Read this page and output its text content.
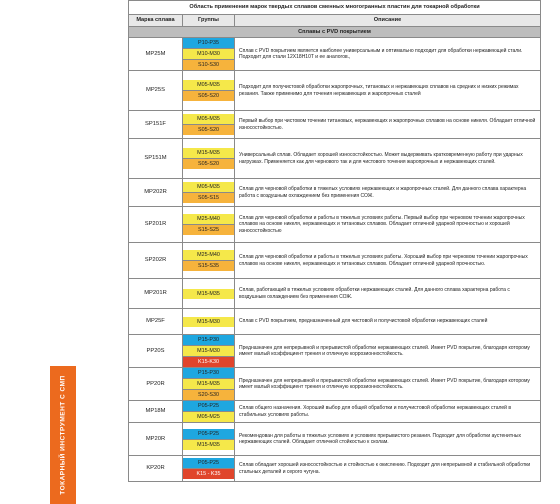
ТОКАРНЫЙ ИНСТРУМЕНТ С СМП
Область применения марок твердых сплавов сменных многогранных пластин для токарной обработки		
Марка сплава	Группы	Описание
Сплавы с PVD покрытием		
MP25M	P10-P35
M10-M30
S10-S30	Сплав с PVD покрытием является наиболее универсальным и оптимально подходит для обработки нержавеющей стали. Подходит для стали 12Х18Н10Т и ее аналогов.,
MP25S	M05-M35
S05-S20	Подходит для получистовой обработки жаропрочных, титановых и нержавеющих сплавов на средних и низких режимах резания. Также применимо для точения нержавеющих и жаропрочных сталей
SP151F	M05-M35
S05-S20	Первый выбор при чистовом точении титановых, нержавеющих и жаропрочных сплавов на основе никеля. Обладает отличной износостойкостью.
SP151M	M15-M35
S05-S20	Универсальный сплав. Обладает хорошей износостойкостью. Может выдерживать кратковременную работу при ударных нагрузках. Применяется как для чернового так и для чистового точения жаропрочных и нержавеющих сталей.
MP202R	M05-M35
S05-S15	Сплав для черновой обработки в тяжелых условиях нержавеющих и жаропрочных сталей. Для данного сплава характерна работа с воздушным охлаждением без применения СОЖ.
SP201R	M25-M40
S15-S25	Сплав для черновой обработки и работы в тяжелых условиях работы. Первый выбор при черновом точении жаропрочных сплавов на основе никеля, нержавеющих и титановых сплавов. Обладает отличной ударной прочностью и хорошей износостойкостью
SP202R	M25-M40
S15-S35	Сплав для черновой обработки и работы в тяжелых условиях работы. Хороший выбор при черновом точении жаропрочных сплавов на основе никеля, нержавеющих и титановых сплавов. Обладает отличной ударной прочностью.
MP201R	M15-M35	Сплав, работающий в тяжелых условиях обработки нержавеющих сталей. Для данного сплава характерна работа с воздушным охлаждением без применения СОЖ.
MP25F	M15-M30	Сплав с PVD покрытием, предназначенный для чистовой и получистовой обработки нержавеющих сталей
PP20S	P15-P30
M15-M30
K15-K30	Предназначен для непрерывной и прерывистой обработки нержавеющих сталей. Имеет PVD покрытие, благодаря которому имеет малый коэффициент трения и отличную коррозионностойкость.
PP20R	P15-P30
M15-M35
S20-S30	Предназначен для непрерывной и прерывистой обработки нержавеющих сталей. Имеет PVD покрытие, благодаря которому имеет малый коэффициент трения и отличную коррозионностойкость.
MP18M	P05-P25
M05-M25	Сплав общего назначения. Хороший выбор для общей обработки и получистовой обработки нержавеющих сталей в стабильных условиях работы.
MP20R	P05-P25
M15-M35	Рекомендован для работы в тяжелых условиях и условиях прерывистого резания. Подходит для обработки аустенитных нержавеющих сталей. Обладает отличной стойкостью к сколам.
KP20R	P05-P25
K15 - K35	Сплав обладает хорошей износостойкостью и стойкостью к окислению. Подходит для непрерывной и стабильной обработки стальных деталей и серого чугуна.
